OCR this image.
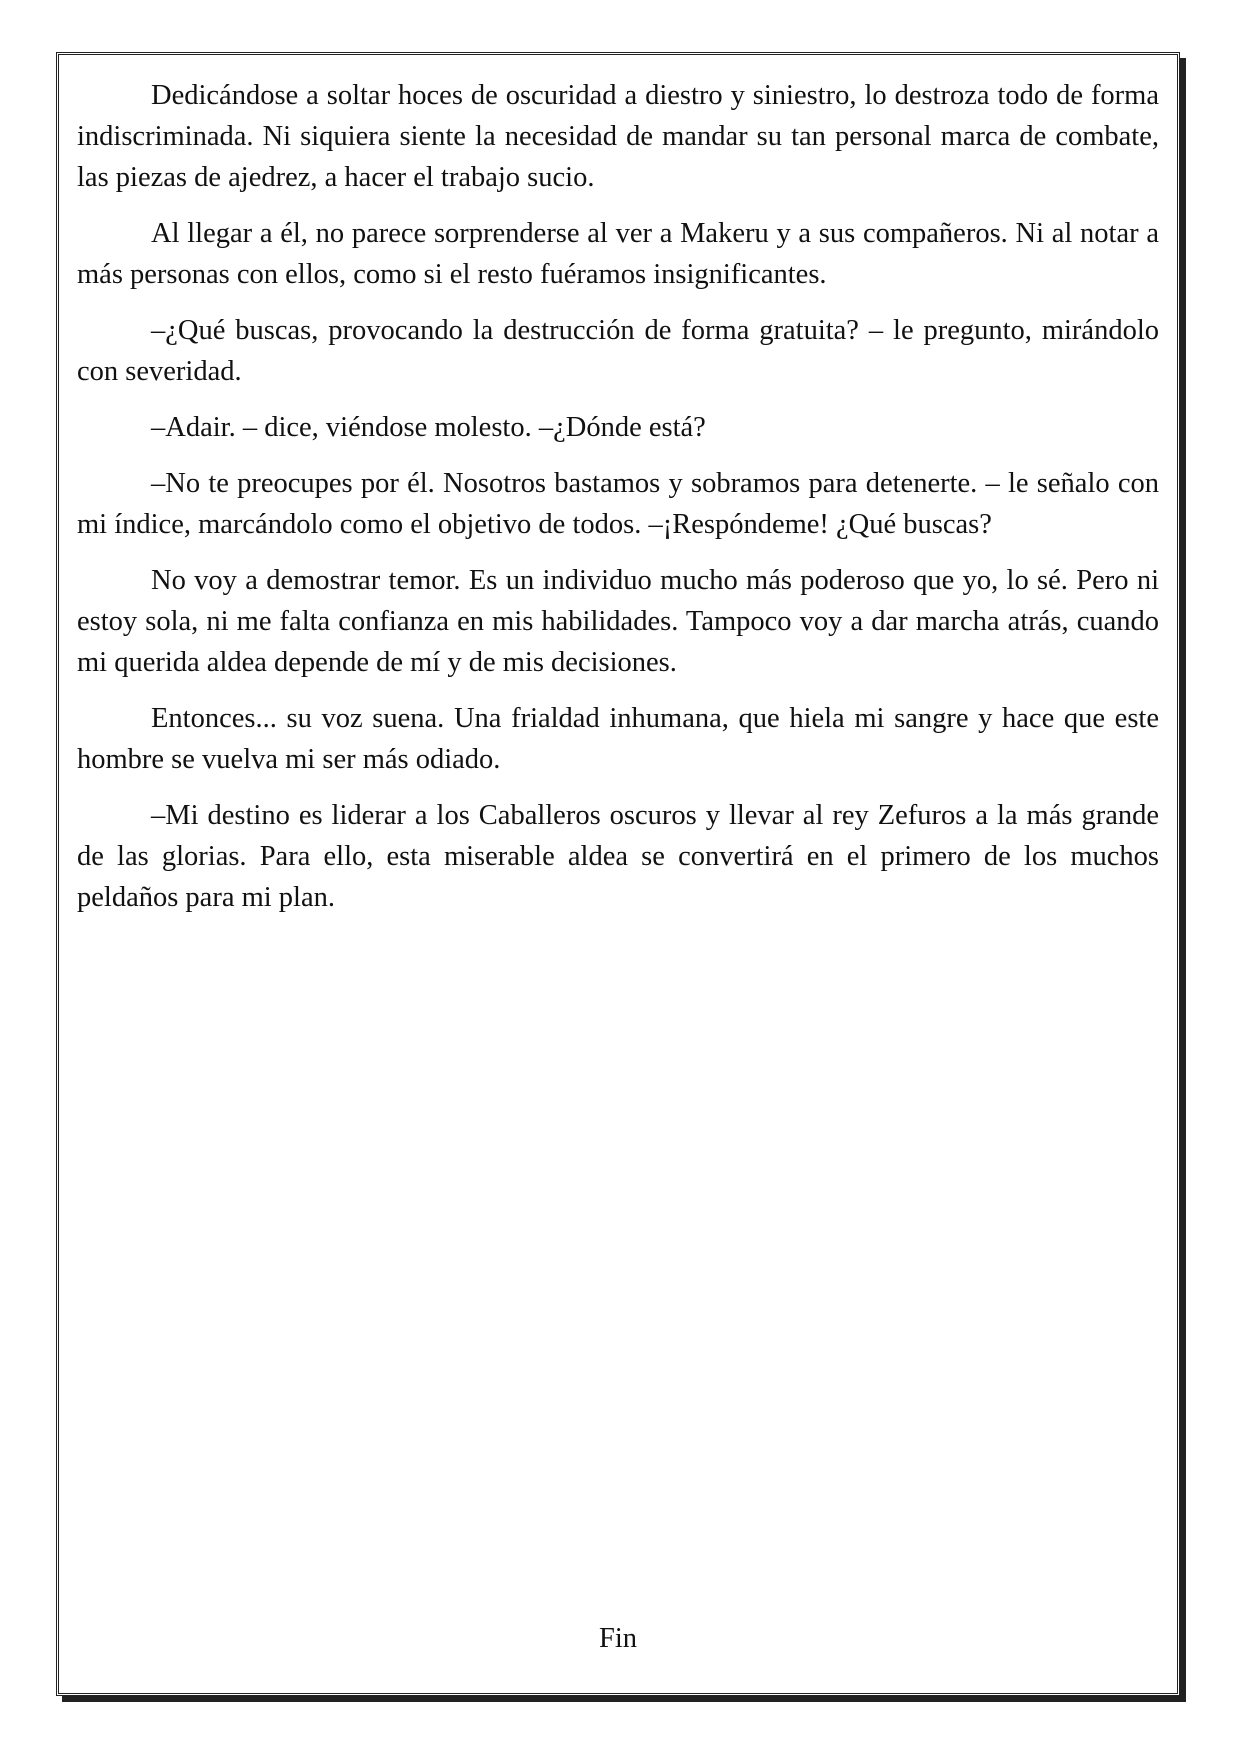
Dedicándose a soltar hoces de oscuridad a diestro y siniestro, lo destroza todo de forma indiscriminada. Ni siquiera siente la necesidad de mandar su tan personal marca de combate, las piezas de ajedrez, a hacer el trabajo sucio.

Al llegar a él, no parece sorprenderse al ver a Makeru y a sus compañeros. Ni al notar a más personas con ellos, como si el resto fuéramos insignificantes.

–¿Qué buscas, provocando la destrucción de forma gratuita? – le pregunto, mirándolo con severidad.

–Adair. – dice, viéndose molesto. –¿Dónde está?

–No te preocupes por él. Nosotros bastamos y sobramos para detenerte. – le señalo con mi índice, marcándolo como el objetivo de todos. –¡Respóndeme! ¿Qué buscas?

No voy a demostrar temor. Es un individuo mucho más poderoso que yo, lo sé. Pero ni estoy sola, ni me falta confianza en mis habilidades. Tampoco voy a dar marcha atrás, cuando mi querida aldea depende de mí y de mis decisiones.

Entonces... su voz suena. Una frialdad inhumana, que hiela mi sangre y hace que este hombre se vuelva mi ser más odiado.

–Mi destino es liderar a los Caballeros oscuros y llevar al rey Zefuros a la más grande de las glorias. Para ello, esta miserable aldea se convertirá en el primero de los muchos peldaños para mi plan.

Fin
